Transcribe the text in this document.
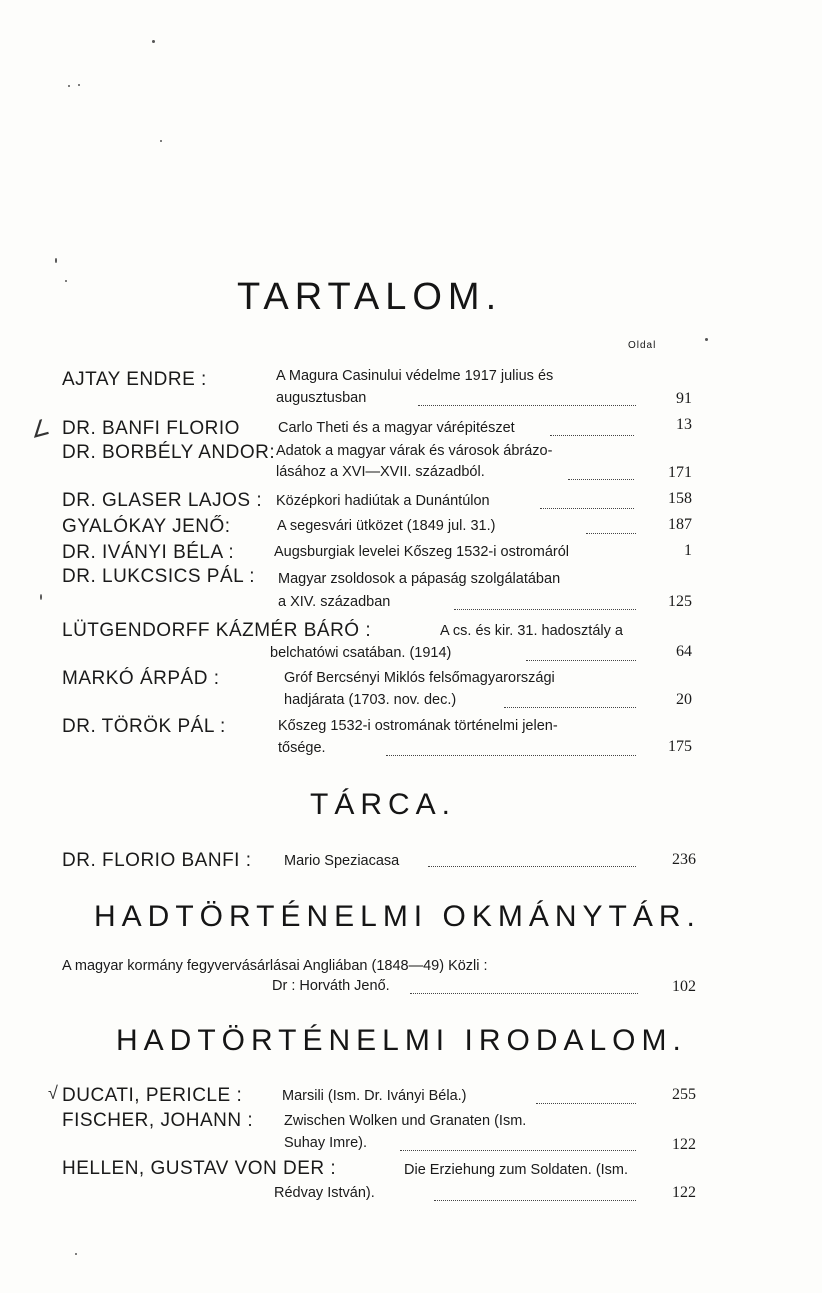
∠
√
TARTALOM.
Oldal
AJTAY ENDRE :	A Magura Casinului védelme 1917 julius és
augusztusban	91
DR. BANFI FLORIO	Carlo Theti és a magyar várépitészet	13
DR. BORBÉLY ANDOR: Adatok a magyar várak és városok ábrázo-
lásához a XVI—XVII. századból.	171
DR. GLASER LAJOS : Középkori hadiútak a Dunántúlon	158
GYALÓKAY JENŐ:	A segesvári ütközet (1849 jul. 31.)	187
DR. IVÁNYI BÉLA :	Augsburgiak levelei Kőszeg 1532-i ostromáról	1
DR. LUKCSICS PÁL : Magyar zsoldosok a pápaság szolgálatában
a XIV. században	125
LÜTGENDORFF KÁZMÉR BÁRÓ :	A cs. és kir. 31. hadosztály a
belchatówi csatában. (1914)	64
MARKÓ ÁRPÁD :	Gróf Bercsényi Miklós felsőmagyarországi
hadjárata (1703. nov. dec.)	20
DR. TÖRÖK PÁL :	Kőszeg 1532-i ostromának történelmi jelen-
tősége.	175
TÁRCA.
DR. FLORIO BANFI : Mario Speziacasa	236
HADTÖRTÉNELMI OKMÁNYTÁR.
A magyar kormány fegyvervásárlásai Angliában (1848—49) Közli :
Dr : Horváth Jenő.	102
HADTÖRTÉNELMI IRODALOM.
DUCATI, PERICLE :	Marsili (Ism. Dr. Iványi Béla.)	255
FISCHER, JOHANN : Zwischen Wolken und Granaten (Ism.
Suhay Imre).	122
HELLEN, GUSTAV VON DER :	Die Erziehung zum Soldaten. (Ism.
Rédvay István).	122
